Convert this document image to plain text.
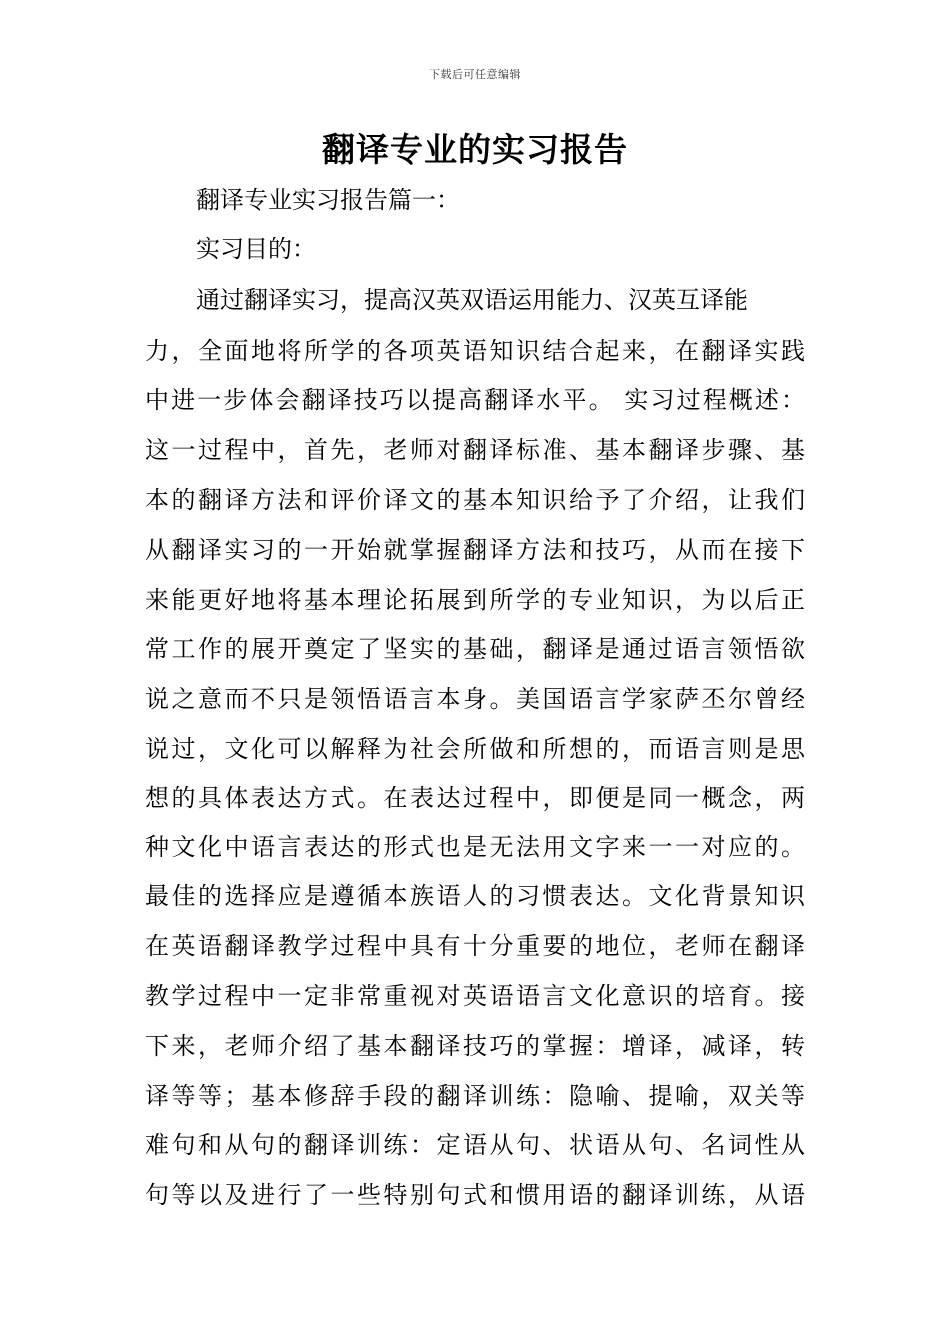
下载后可任意编辑
翻译专业的实习报告
翻译专业实习报告篇一：
实习目的：
通过翻译实习，提高汉英双语运用能力、汉英互译能
力，全面地将所学的各项英语知识结合起来，在翻译实践
中进一步体会翻译技巧以提高翻译水平。 实习过程概述：
这一过程中，首先，老师对翻译标准、基本翻译步骤、基
本的翻译方法和评价译文的基本知识给予了介绍，让我们
从翻译实习的一开始就掌握翻译方法和技巧，从而在接下
来能更好地将基本理论拓展到所学的专业知识，为以后正
常工作的展开奠定了坚实的基础，翻译是通过语言领悟欲
说之意而不只是领悟语言本身。美国语言学家萨丕尔曾经
说过，文化可以解释为社会所做和所想的，而语言则是思
想的具体表达方式。在表达过程中，即便是同一概念，两
种文化中语言表达的形式也是无法用文字来一一对应的。
最佳的选择应是遵循本族语人的习惯表达。文化背景知识
在英语翻译教学过程中具有十分重要的地位，老师在翻译
教学过程中一定非常重视对英语语言文化意识的培育。接
下来，老师介绍了基本翻译技巧的掌握：增译，减译，转
译等等；基本修辞手段的翻译训练：隐喻、提喻，双关等
难句和从句的翻译训练：定语从句、状语从句、名词性从
句等以及进行了一些特别句式和惯用语的翻译训练，从语
